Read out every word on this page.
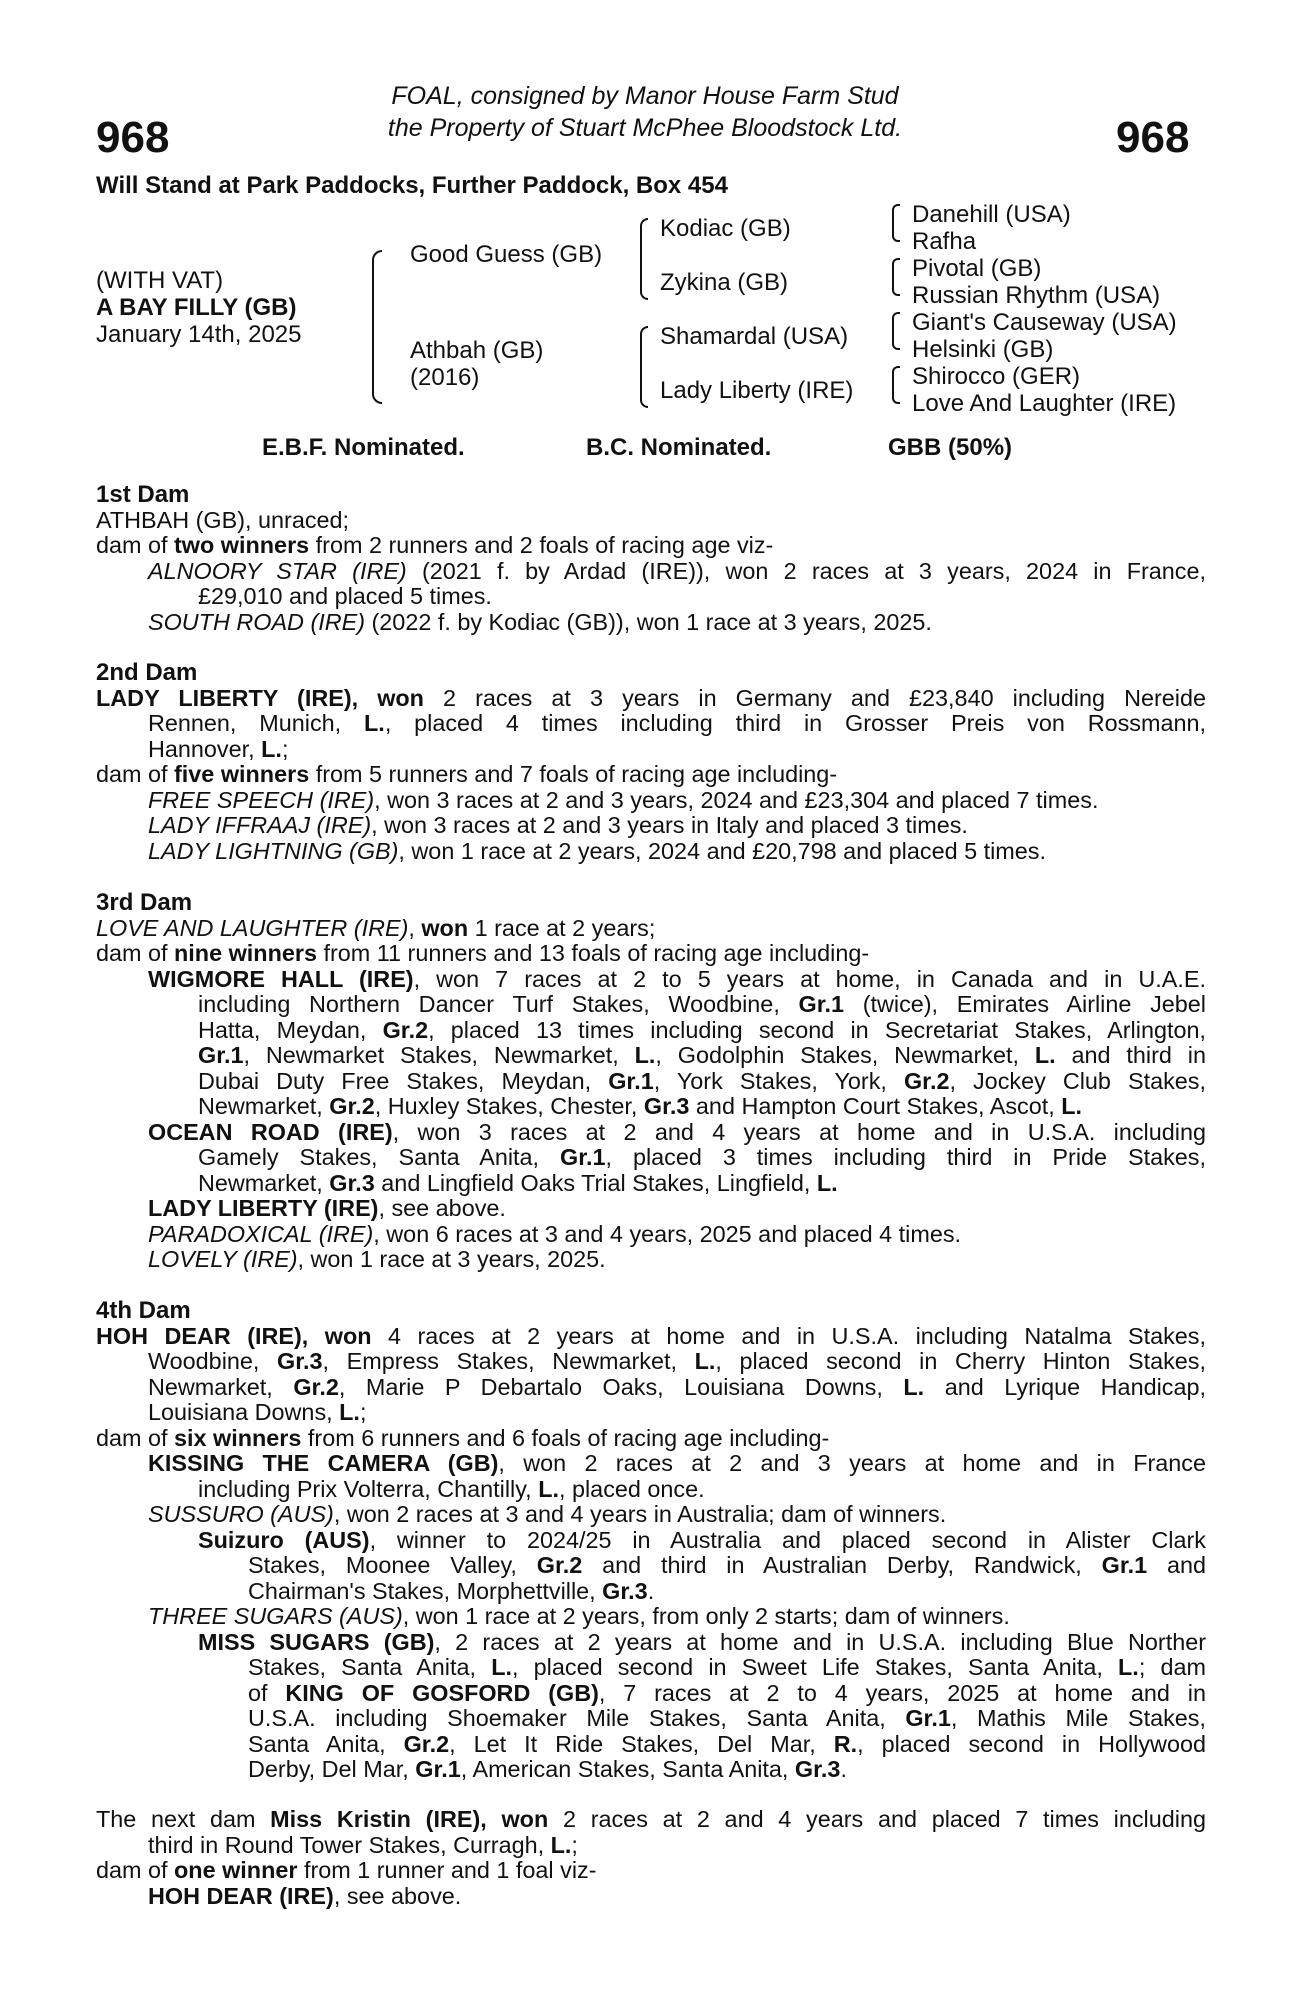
968	968
FOAL, consigned by Manor House Farm Stud
the Property of Stuart McPhee Bloodstock Ltd.
Will Stand at Park Paddocks, Further Paddock, Box 454
(WITH VAT)
A BAY FILLY (GB)
January 14th, 2025
Good Guess (GB)
Athbah (GB)
(2016)
Kodiac (GB)
Zykina (GB)
Shamardal (USA)
Lady Liberty (IRE)
Danehill (USA)
Rafha
Pivotal (GB)
Russian Rhythm (USA)
Giant's Causeway (USA)
Helsinki (GB)
Shirocco (GER)
Love And Laughter (IRE)
E.B.F. Nominated.	B.C. Nominated.	GBB (50%)
1st Dam
ATHBAH (GB), unraced;
dam of two winners from 2 runners and 2 foals of racing age viz-
ALNOORY STAR (IRE) (2021 f. by Ardad (IRE)), won 2 races at 3 years, 2024 in France,
£29,010 and placed 5 times.
SOUTH ROAD (IRE) (2022 f. by Kodiac (GB)), won 1 race at 3 years, 2025.
2nd Dam
LADY LIBERTY (IRE), won 2 races at 3 years in Germany and £23,840 including Nereide
Rennen, Munich, L., placed 4 times including third in Grosser Preis von Rossmann,
Hannover, L.;
dam of five winners from 5 runners and 7 foals of racing age including-
FREE SPEECH (IRE), won 3 races at 2 and 3 years, 2024 and £23,304 and placed 7 times.
LADY IFFRAAJ (IRE), won 3 races at 2 and 3 years in Italy and placed 3 times.
LADY LIGHTNING (GB), won 1 race at 2 years, 2024 and £20,798 and placed 5 times.
3rd Dam
LOVE AND LAUGHTER (IRE), won 1 race at 2 years;
dam of nine winners from 11 runners and 13 foals of racing age including-
WIGMORE HALL (IRE), won 7 races at 2 to 5 years at home, in Canada and in U.A.E.
including Northern Dancer Turf Stakes, Woodbine, Gr.1 (twice), Emirates Airline Jebel
Hatta, Meydan, Gr.2, placed 13 times including second in Secretariat Stakes, Arlington,
Gr.1, Newmarket Stakes, Newmarket, L., Godolphin Stakes, Newmarket, L. and third in
Dubai Duty Free Stakes, Meydan, Gr.1, York Stakes, York, Gr.2, Jockey Club Stakes,
Newmarket, Gr.2, Huxley Stakes, Chester, Gr.3 and Hampton Court Stakes, Ascot, L.
OCEAN ROAD (IRE), won 3 races at 2 and 4 years at home and in U.S.A. including
Gamely Stakes, Santa Anita, Gr.1, placed 3 times including third in Pride Stakes,
Newmarket, Gr.3 and Lingfield Oaks Trial Stakes, Lingfield, L.
LADY LIBERTY (IRE), see above.
PARADOXICAL (IRE), won 6 races at 3 and 4 years, 2025 and placed 4 times.
LOVELY (IRE), won 1 race at 3 years, 2025.
4th Dam
HOH DEAR (IRE), won 4 races at 2 years at home and in U.S.A. including Natalma Stakes,
Woodbine, Gr.3, Empress Stakes, Newmarket, L., placed second in Cherry Hinton Stakes,
Newmarket, Gr.2, Marie P Debartalo Oaks, Louisiana Downs, L. and Lyrique Handicap,
Louisiana Downs, L.;
dam of six winners from 6 runners and 6 foals of racing age including-
KISSING THE CAMERA (GB), won 2 races at 2 and 3 years at home and in France
including Prix Volterra, Chantilly, L., placed once.
SUSSURO (AUS), won 2 races at 3 and 4 years in Australia; dam of winners.
Suizuro (AUS), winner to 2024/25 in Australia and placed second in Alister Clark
Stakes, Moonee Valley, Gr.2 and third in Australian Derby, Randwick, Gr.1 and
Chairman's Stakes, Morphettville, Gr.3.
THREE SUGARS (AUS), won 1 race at 2 years, from only 2 starts; dam of winners.
MISS SUGARS (GB), 2 races at 2 years at home and in U.S.A. including Blue Norther
Stakes, Santa Anita, L., placed second in Sweet Life Stakes, Santa Anita, L.; dam
of KING OF GOSFORD (GB), 7 races at 2 to 4 years, 2025 at home and in
U.S.A. including Shoemaker Mile Stakes, Santa Anita, Gr.1, Mathis Mile Stakes,
Santa Anita, Gr.2, Let It Ride Stakes, Del Mar, R., placed second in Hollywood
Derby, Del Mar, Gr.1, American Stakes, Santa Anita, Gr.3.
The next dam Miss Kristin (IRE), won 2 races at 2 and 4 years and placed 7 times including
third in Round Tower Stakes, Curragh, L.;
dam of one winner from 1 runner and 1 foal viz-
HOH DEAR (IRE), see above.
